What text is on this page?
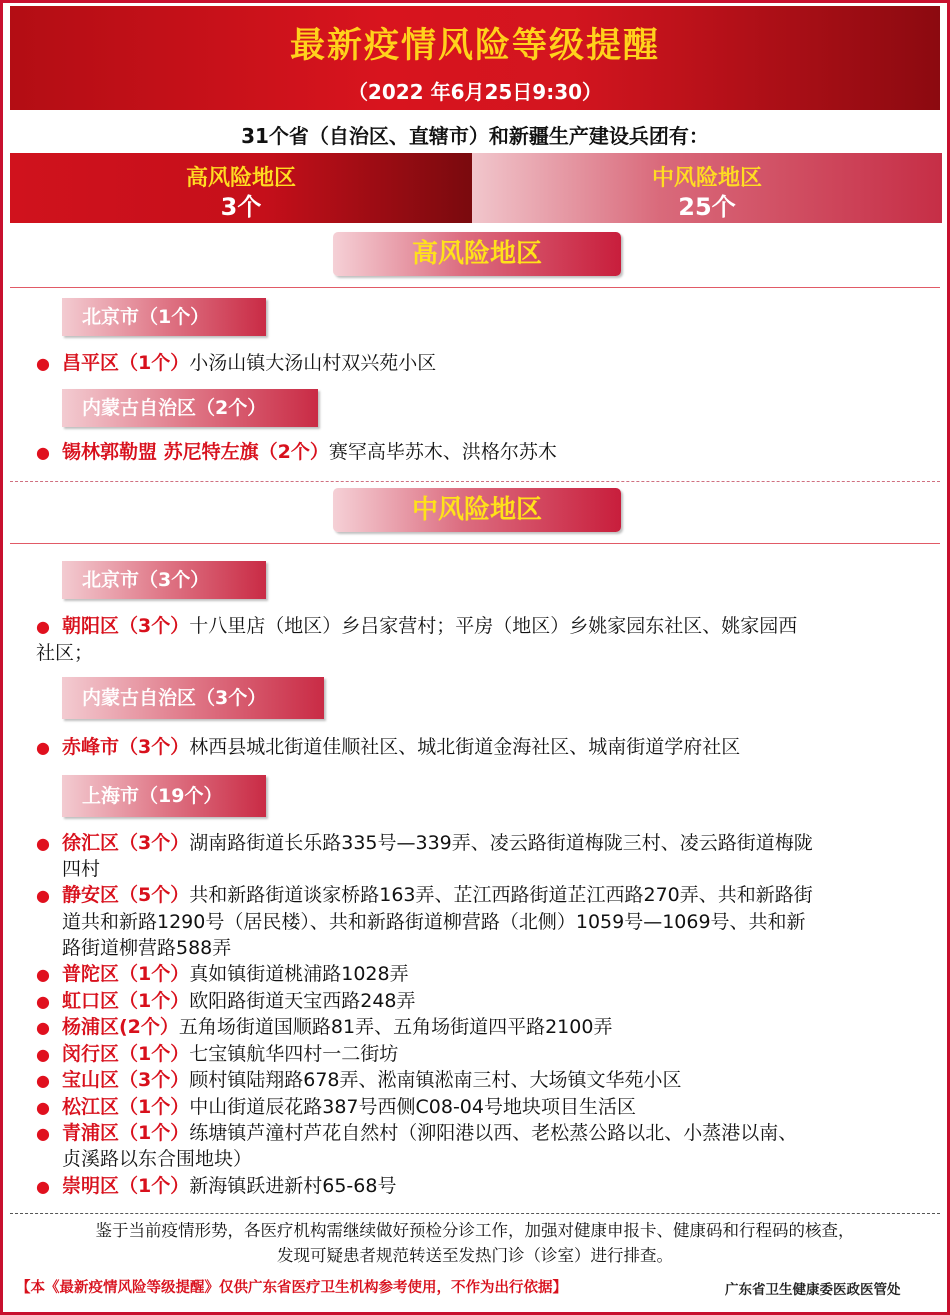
最新疫情风险等级提醒
（2022 年6月25日9:30）
31个省（自治区、直辖市）和新疆生产建设兵团有：
高风险地区
3个
中风险地区
25个
高风险地区
北京市（1个）
● 昌平区（1个）小汤山镇大汤山村双兴苑小区
内蒙古自治区（2个）
● 锡林郭勒盟 苏尼特左旗（2个）赛罕高毕苏木、洪格尔苏木
中风险地区
北京市（3个）
● 朝阳区（3个）十八里店（地区）乡吕家营村；平房（地区）乡姚家园东社区、姚家园西
社区；
内蒙古自治区（3个）
● 赤峰市（3个）林西县城北街道佳顺社区、城北街道金海社区、城南街道学府社区
上海市（19个）
● 徐汇区（3个）湖南路街道长乐路335号—339弄、凌云路街道梅陇三村、凌云路街道梅陇
四村
● 静安区（5个）共和新路街道谈家桥路163弄、芷江西路街道芷江西路270弄、共和新路街
道共和新路1290号（居民楼）、共和新路街道柳营路（北侧）1059号—1069号、共和新
路街道柳营路588弄
● 普陀区（1个）真如镇街道桃浦路1028弄
● 虹口区（1个）欧阳路街道天宝西路248弄
● 杨浦区(2个）五角场街道国顺路81弄、五角场街道四平路2100弄
● 闵行区（1个）七宝镇航华四村一二街坊
● 宝山区（3个）顾村镇陆翔路678弄、淞南镇淞南三村、大场镇文华苑小区
● 松江区（1个）中山街道辰花路387号西侧C08-04号地块项目生活区
● 青浦区（1个）练塘镇芦潼村芦花自然村（泖阳港以西、老松蒸公路以北、小蒸港以南、
贞溪路以东合围地块）
● 崇明区（1个）新海镇跃进新村65-68号
鉴于当前疫情形势，各医疗机构需继续做好预检分诊工作，加强对健康申报卡、健康码和行程码的核查，
发现可疑患者规范转送至发热门诊（诊室）进行排查。
【本《最新疫情风险等级提醒》仅供广东省医疗卫生机构参考使用，不作为出行依据】	广东省卫生健康委医政医管处
